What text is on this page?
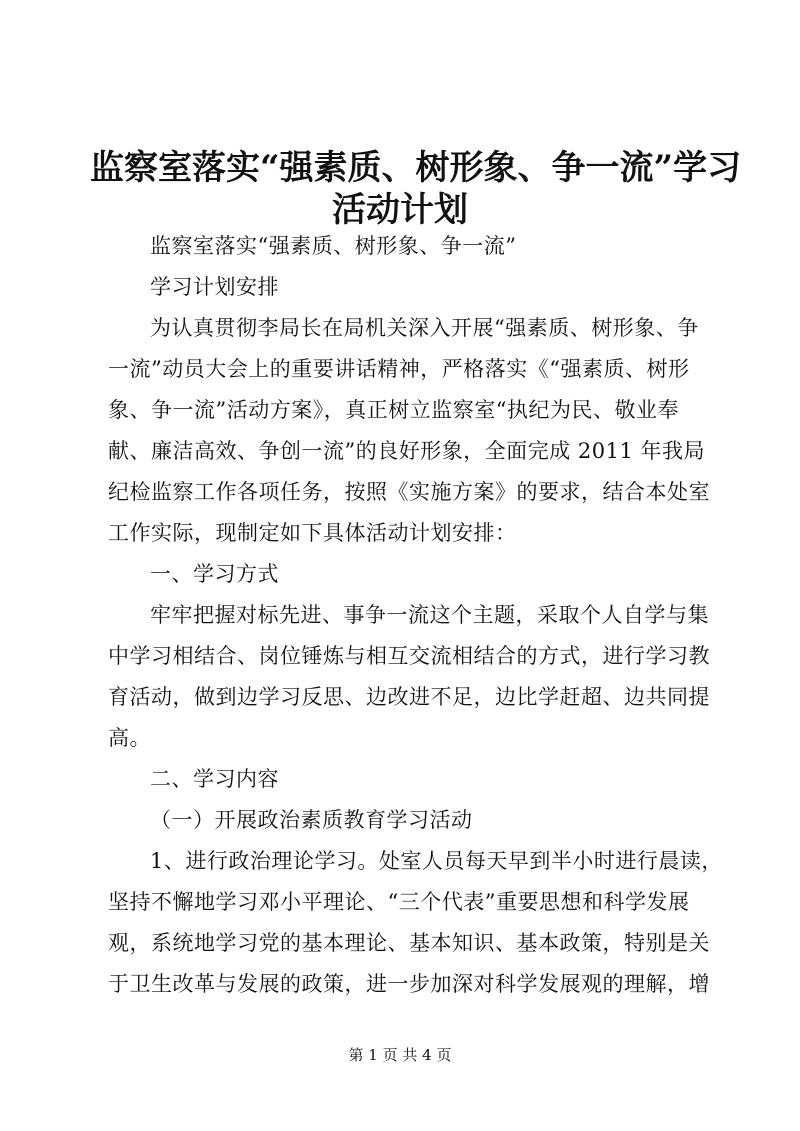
监察室落实“强素质、树形象、争一流”学习
活动计划
监察室落实“强素质、树形象、争一流”
学习计划安排
为认真贯彻李局长在局机关深入开展“强素质、树形象、争
一流”动员大会上的重要讲话精神，严格落实《“强素质、树形
象、争一流”活动方案》，真正树立监察室“执纪为民、敬业奉
献、廉洁高效、争创一流”的良好形象，全面完成 2011 年我局
纪检监察工作各项任务，按照《实施方案》的要求，结合本处室
工作实际，现制定如下具体活动计划安排：
一、学习方式
牢牢把握对标先进、事争一流这个主题，采取个人自学与集
中学习相结合、岗位锤炼与相互交流相结合的方式，进行学习教
育活动，做到边学习反思、边改进不足，边比学赶超、边共同提
高。
二、学习内容
（一）开展政治素质教育学习活动
1、进行政治理论学习。处室人员每天早到半小时进行晨读，
坚持不懈地学习邓小平理论、“三个代表”重要思想和科学发展
观，系统地学习党的基本理论、基本知识、基本政策，特别是关
于卫生改革与发展的政策，进一步加深对科学发展观的理解，增
第 1 页 共 4 页
